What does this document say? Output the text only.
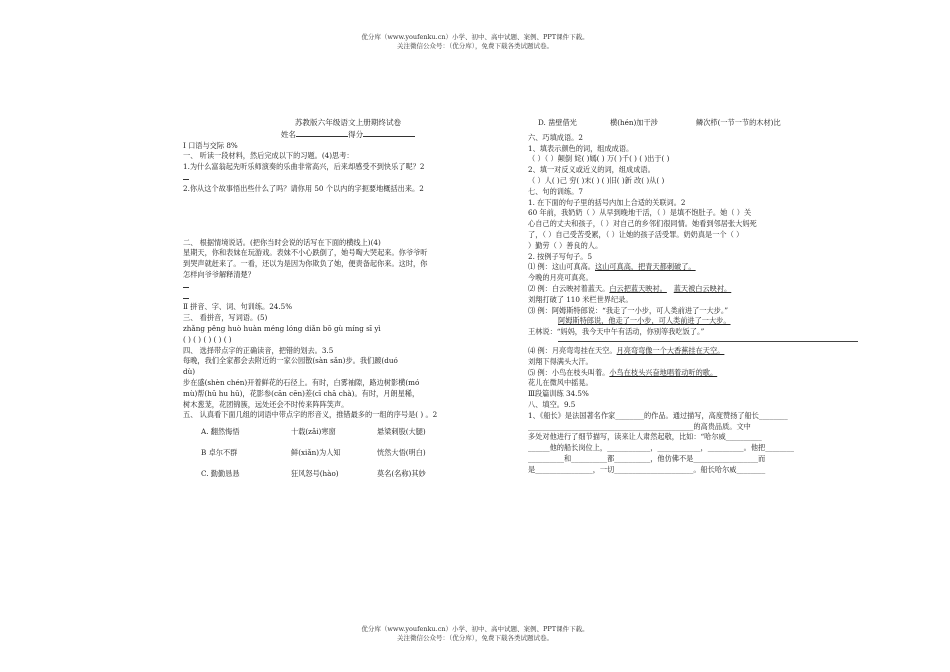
优分库（www.youfenku.cn）小学、初中、高中试题、案例、PPT课件下载。
关注微信公众号：（优分库），免费下载各类试题试卷。
苏教版六年级语文上册期终试卷
姓名	得分
Ⅰ 口语与交际 8%
一、 听读一段材料，然后完成以下的习题。(4)思考：
1.为什么富翁起先听乐师演奏的乐曲非常高兴，后来却感受不到快乐了呢？2
2.你从这个故事悟出些什么了吗？请你用 50 个以内的字扼要地概括出来。2
二、 根据情境说话。(把你当时会说的话写在下面的横线上)(4)
星期天，你和表妹在玩游戏。表妹不小心跌倒了，她号啕大哭起来。你爷爷听
到哭声就赶来了。一看，还以为是因为你欺负了她，便责备起你来。这时，你
怎样向爷爷解释清楚？
Ⅱ 拼音、字、词、句训练。24.5%
三、 看拼音，写词语。(5)
zhǎng pěng huò huàn méng lóng diǎn bō gù míng sī yì
( ) ( ) ( ) ( ) ( )
四、 选择带点字的正确读音，把错的划去。3.5
每晚，我们全家都会去附近的一家公园散(sàn sǎn)步。我们踱(duó
dù)
步在盛(shèn chén)开着鲜花的石径上。有时，白雾袖隙，路边树影横(mó
mù)帮(hū hu hū)，花影参(cān cēn)差(cī chā chà)。有时，月朗星稀，
树木葱茏，花团锦簇，远处还会不时传来阵阵笑声。
五、 认真看下面几组的词语中带点字的形音义，推错最多的一组的序号是( ) 。2
A. 翻然悔悟	十载(zǎi)寒窗	悬梁刺股(大腿)
B 卓尔不群	鲜(xiǎn)为人知	恍然大悟(明白)
C. 勤勤恳恳	狂风怒号(hào)	莫名(名称)其妙
D. 凿壁借光	横(hén)加干涉	鳞次栉(一节一节的木材)比
六、巧填成语。2
1、填表示颜色的词，组成成语。
（ ）（ ）颠倒 姹( )嫣( ) 万( )千( ) ( )出于( )
2、填一对反义或近义的词，组成成语。
（ ）人( )己 穷( )末( ) ( )旧( )新 改( )从( )
七、句的训练。7
1. 在下面的句子里的括号内加上合适的关联词。2
60 年前，我奶奶（ ）从早到晚地干活，（ ）是填不饱肚子。她（ ）关
心自己的丈夫和孩子，（ ）对自己的乡邻们很同情。她看到邻居张大妈死
了，（ ）自己受苦受累，（ ）让她的孩子活受罪。奶奶真是一个（ ）
）勤劳（ ）善良的人。
2. 按例子写句子。5
⑴ 例：这山可真高。这山可真高，把青天都刺破了。
今晚的月亮可真亮。
⑵ 例：白云映衬着蓝天。白云把蓝天映衬。 蓝天被白云映衬。
刘翔打破了 110 米栏世界纪录。
⑶ 例：阿姆斯特郎说：“我走了一小步，可人类前进了一大步。”
阿姆斯特郎说，他走了一小步，可人类前进了一大步。
王林说：“妈妈，我今天中午有活动，你别等我吃饭了。”
⑷ 例：月亮弯弯挂在天空。月亮弯弯像一个大香蕉挂在天空。
刘翔下得满头大汗。
⑸ 例：小鸟在枝头叫着。小鸟在枝头兴奋地唱着动听的歌。
花儿在微风中摇晃。
Ⅲ段篇训练 34.5%
八、填空。9.5
1、《船长》是法国著名作家________的作品。通过描写，高度赞扬了船长________
______________________________________________的高贵品质。文中
多处对他进行了细节描写，读来让人肃然起敬，比如：“哈尔威__________
______他的船长岗位上，____________，____________，__________。他把________
__________和__________都__________，他仿佛不是__________________而
是________________，一切______________________。船长哈尔威________
优分库（www.youfenku.cn）小学、初中、高中试题、案例、PPT课件下载。
关注微信公众号：（优分库），免费下载各类试题试卷。
